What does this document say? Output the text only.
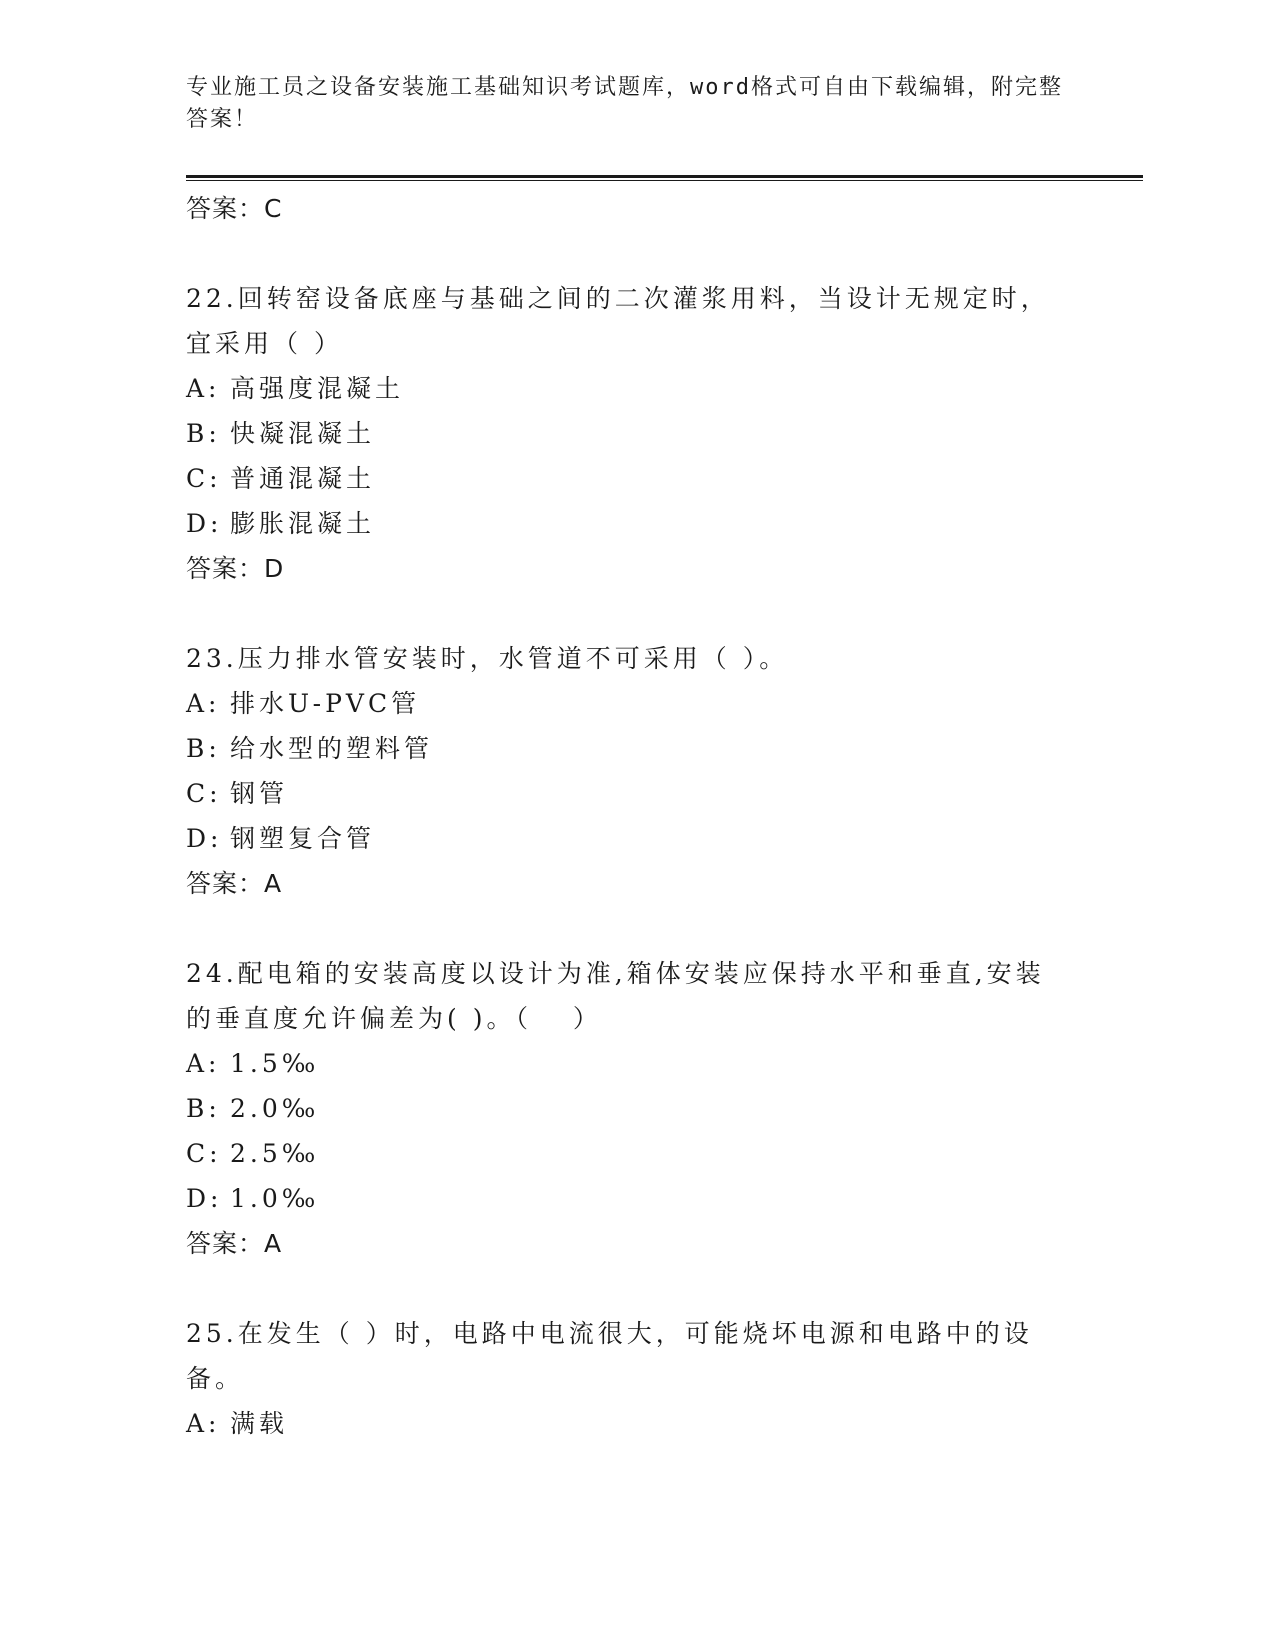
专业施工员之设备安装施工基础知识考试题库，word格式可自由下载编辑，附完整答案！
答案：C
22.回转窑设备底座与基础之间的二次灌浆用料，当设计无规定时，宜采用（ ）
A: 高强度混凝土
B: 快凝混凝土
C: 普通混凝土
D: 膨胀混凝土
答案：D
23.压力排水管安装时，水管道不可采用（ ）。
A: 排水U-PVC管
B: 给水型的塑料管
C: 钢管
D: 钢塑复合管
答案：A
24.配电箱的安装高度以设计为准,箱体安装应保持水平和垂直,安装的垂直度允许偏差为( )。（　 ）
A: 1.5‰
B: 2.0‰
C: 2.5‰
D: 1.0‰
答案：A
25.在发生（ ）时，电路中电流很大，可能烧坏电源和电路中的设备。
A: 满载
